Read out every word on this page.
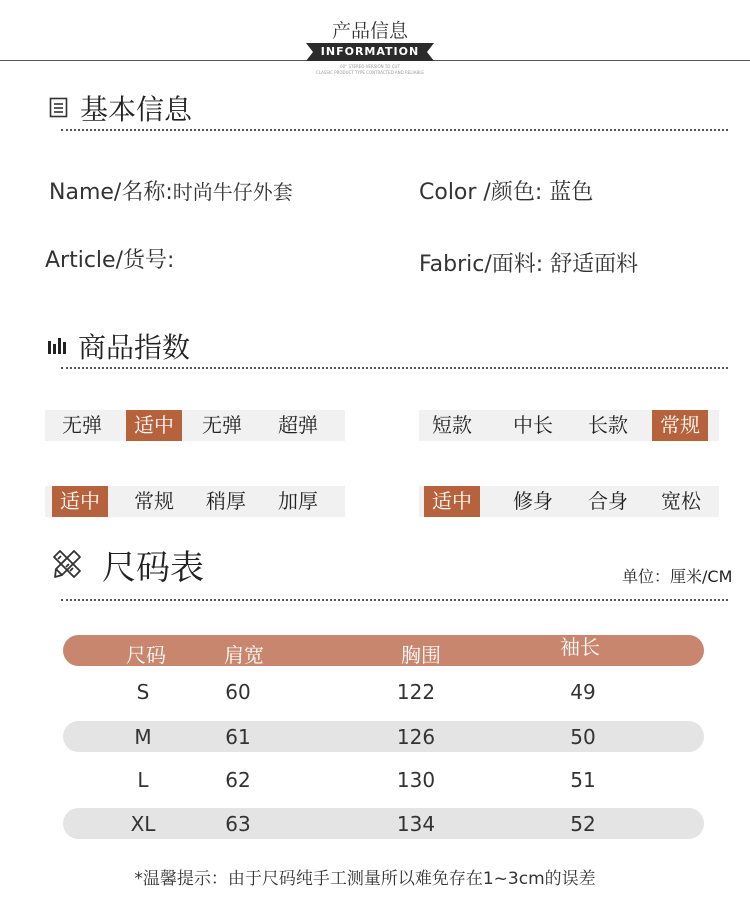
产品信息
INFORMATION
60° STEREO VERSION TO CUT
CLASSIC PRODUCT TYPE CONTRACTED AND RELIABLE
基本信息
Name/名称:时尚牛仔外套	Color /颜色: 蓝色
Article/货号:	Fabric/面料: 舒适面料
商品指数
无弹	适中	无弹	超弹	短款	中长	长款	常规
适中	常规	稍厚	加厚	适中	修身	合身	宽松
尺码表	单位：厘米/CM
尺码	肩宽	胸围	袖长
S	60	122	49
M	61	126	50
L	62	130	51
XL	63	134	52
*温馨提示：由于尺码纯手工测量所以难免存在1~3cm的误差
